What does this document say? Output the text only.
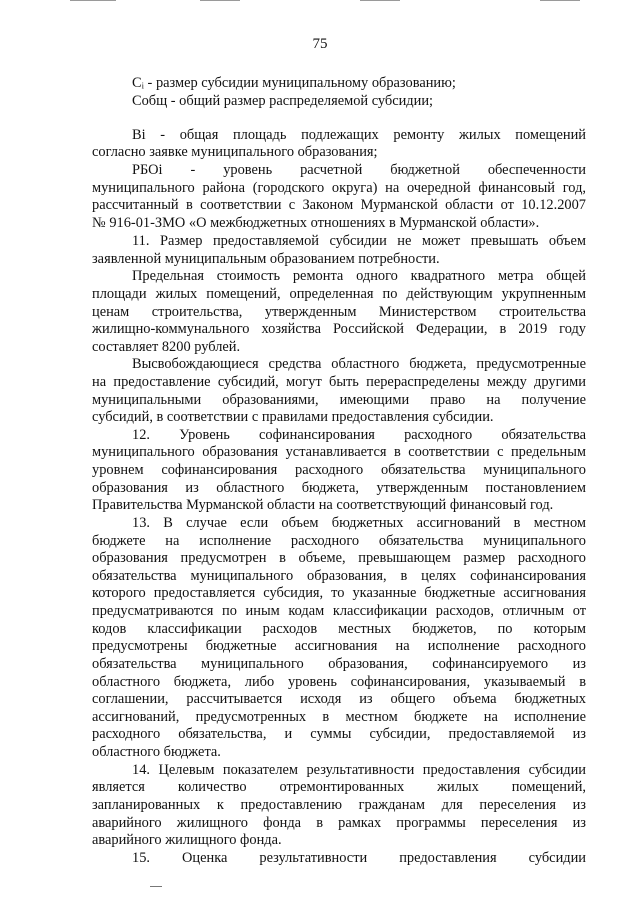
75
Cᵢ - размер субсидии муниципальному образованию;
Cобщ - общий размер распределяемой субсидии;
Bi - общая площадь подлежащих ремонту жилых помещений
согласно заявке муниципального образования;
РБОі - уровень расчетной бюджетной обеспеченности
муниципального района (городского округа) на очередной финансовый год,
рассчитанный в соответствии с Законом Мурманской области от 10.12.2007
№ 916-01-ЗМО «О межбюджетных отношениях в Мурманской области».
11. Размер предоставляемой субсидии не может превышать объем
заявленной муниципальным образованием потребности.
Предельная стоимость ремонта одного квадратного метра общей
площади жилых помещений, определенная по действующим укрупненным
ценам строительства, утвержденным Министерством строительства
жилищно-коммунального хозяйства Российской Федерации, в 2019 году
составляет 8200 рублей.
Высвобождающиеся средства областного бюджета, предусмотренные
на предоставление субсидий, могут быть перераспределены между другими
муниципальными образованиями, имеющими право на получение
субсидий, в соответствии с правилами предоставления субсидии.
12. Уровень софинансирования расходного обязательства
муниципального образования устанавливается в соответствии с предельным
уровнем софинансирования расходного обязательства муниципального
образования из областного бюджета, утвержденным постановлением
Правительства Мурманской области на соответствующий финансовый год.
13. В случае если объем бюджетных ассигнований в местном
бюджете на исполнение расходного обязательства муниципального
образования предусмотрен в объеме, превышающем размер расходного
обязательства муниципального образования, в целях софинансирования
которого предоставляется субсидия, то указанные бюджетные ассигнования
предусматриваются по иным кодам классификации расходов, отличным от
кодов классификации расходов местных бюджетов, по которым
предусмотрены бюджетные ассигнования на исполнение расходного
обязательства муниципального образования, софинансируемого из
областного бюджета, либо уровень софинансирования, указываемый в
соглашении, рассчитывается исходя из общего объема бюджетных
ассигнований, предусмотренных в местном бюджете на исполнение
расходного обязательства, и суммы субсидии, предоставляемой из
областного бюджета.
14. Целевым показателем результативности предоставления субсидии
является количество отремонтированных жилых помещений,
запланированных к предоставлению гражданам для переселения из
аварийного жилищного фонда в рамках программы переселения из
аварийного жилищного фонда.
15. Оценка результативности предоставления субсидии
